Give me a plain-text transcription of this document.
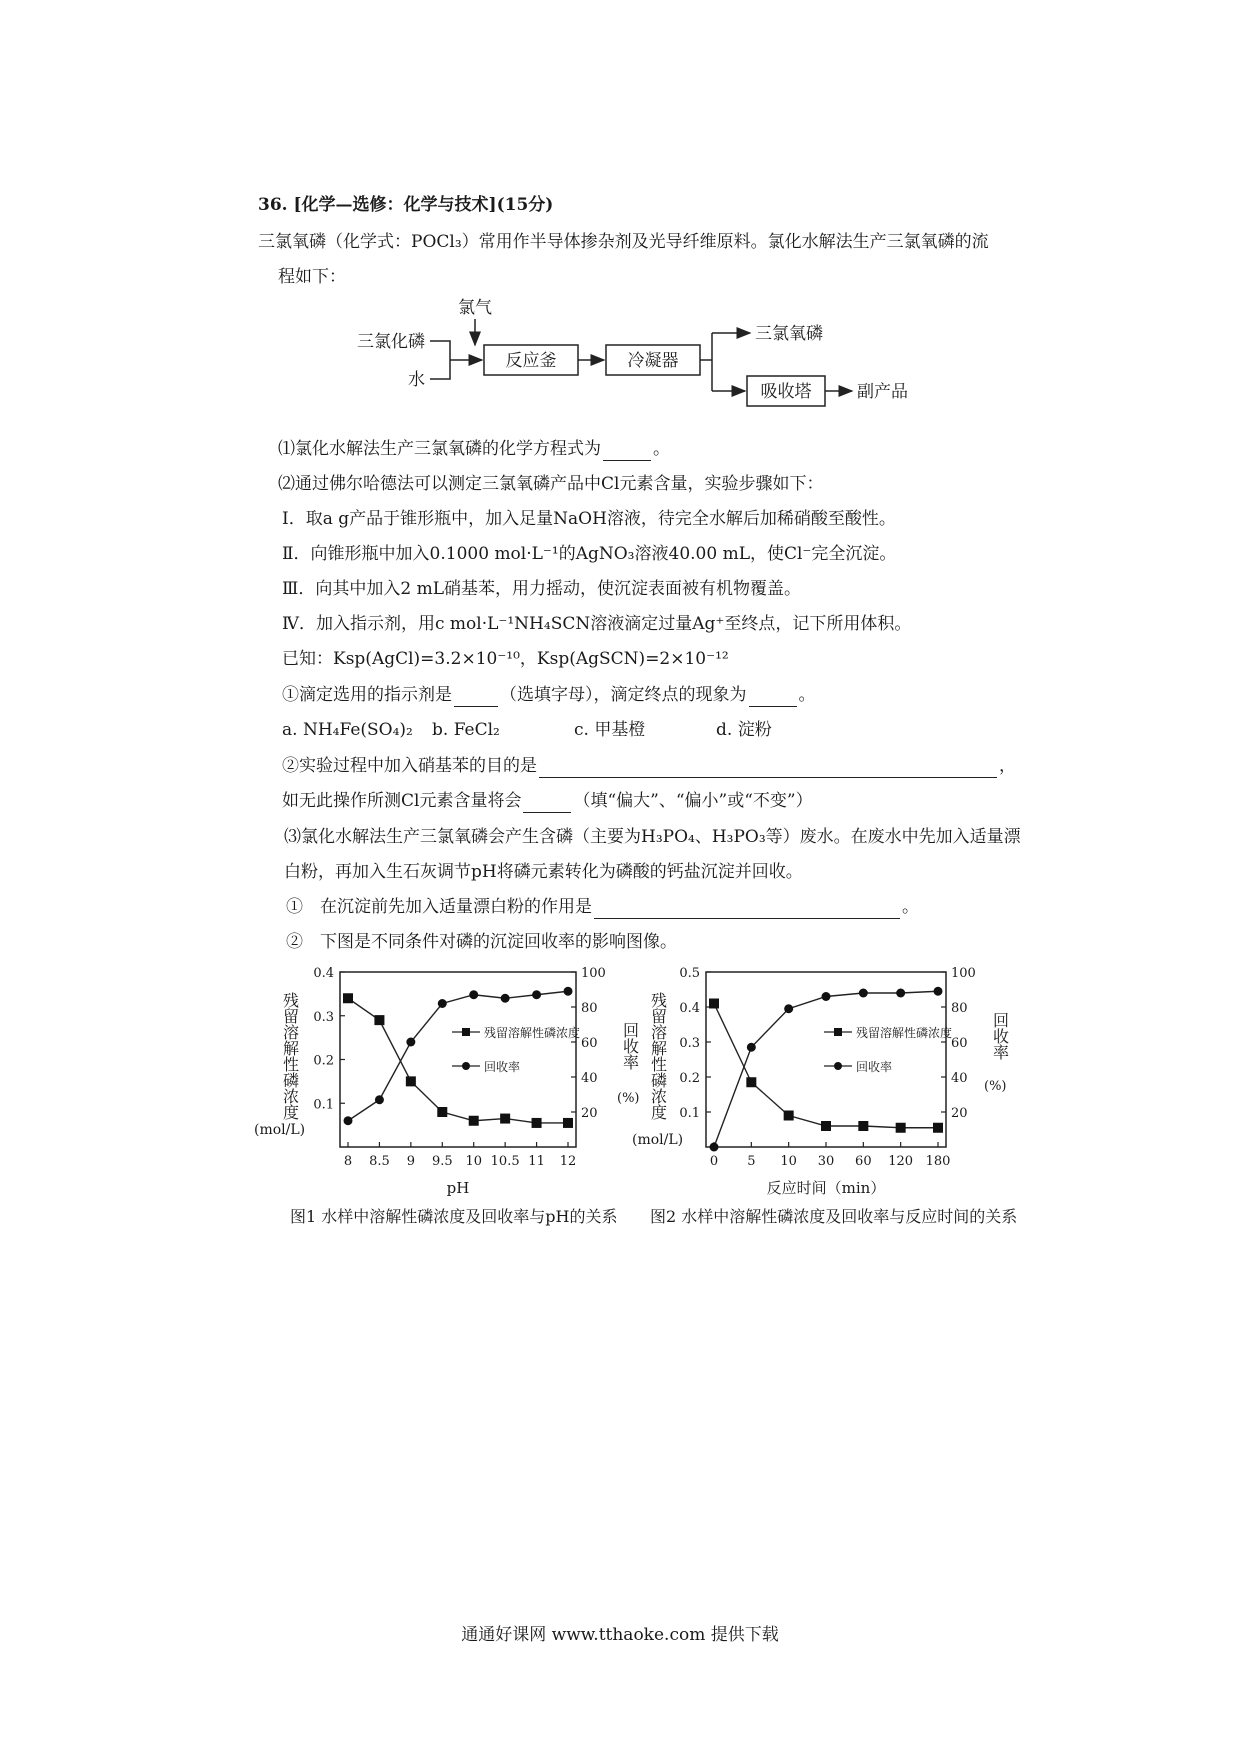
36. [化学—选修：化学与技术](15分)
三氯氧磷（化学式：POCl₃）常用作半导体掺杂剂及光导纤维原料。氯化水解法生产三氯氧磷的流
程如下：
氯气
三氯化磷
水
反应釜	冷凝器
三氯氧磷
吸收塔	副产品
⑴氯化水解法生产三氯氧磷的化学方程式为	。
⑵通过佛尔哈德法可以测定三氯氧磷产品中Cl元素含量，实验步骤如下：
Ⅰ．取a g产品于锥形瓶中，加入足量NaOH溶液，待完全水解后加稀硝酸至酸性。
Ⅱ．向锥形瓶中加入0.1000 mol·L⁻¹的AgNO₃溶液40.00 mL，使Cl⁻完全沉淀。
Ⅲ．向其中加入2 mL硝基苯，用力摇动，使沉淀表面被有机物覆盖。
Ⅳ．加入指示剂，用c mol·L⁻¹NH₄SCN溶液滴定过量Ag⁺至终点，记下所用体积。
已知：Ksp(AgCl)=3.2×10⁻¹⁰，Ksp(AgSCN)=2×10⁻¹²
①滴定选用的指示剂是	（选填字母），滴定终点的现象为	。
a. NH₄Fe(SO₄)₂ b. FeCl₂	c. 甲基橙	d. 淀粉
②实验过程中加入硝基苯的目的是	，
如无此操作所测Cl元素含量将会	（填“偏大”、“偏小”或“不变”）
⑶氯化水解法生产三氯氧磷会产生含磷（主要为H₃PO₄、H₃PO₃等）废水。在废水中先加入适量漂
白粉，再加入生石灰调节pH将磷元素转化为磷酸的钙盐沉淀并回收。
①　在沉淀前先加入适量漂白粉的作用是	。
②　下图是不同条件对磷的沉淀回收率的影响图像。
残留溶解性磷浓度
(mol/L)
回收率
(%)
0.1
0.2
0.3
0.4
20
40
60
80
100
8 8.5 9 9.5 10 10.5 11 12
残留溶解性磷浓度
回收率
pH
图1 水样中溶解性磷浓度及回收率与pH的关系
残留溶解性磷浓度
(mol/L)
回收率
(%)
0.1
0.2
0.3
0.4
0.5
20
40
60
80
100
0 5 10 30 60 120 180
残留溶解性磷浓度
回收率
反应时间（min）
图2 水样中溶解性磷浓度及回收率与反应时间的关系
通通好课网 www.tthaoke.com 提供下载
